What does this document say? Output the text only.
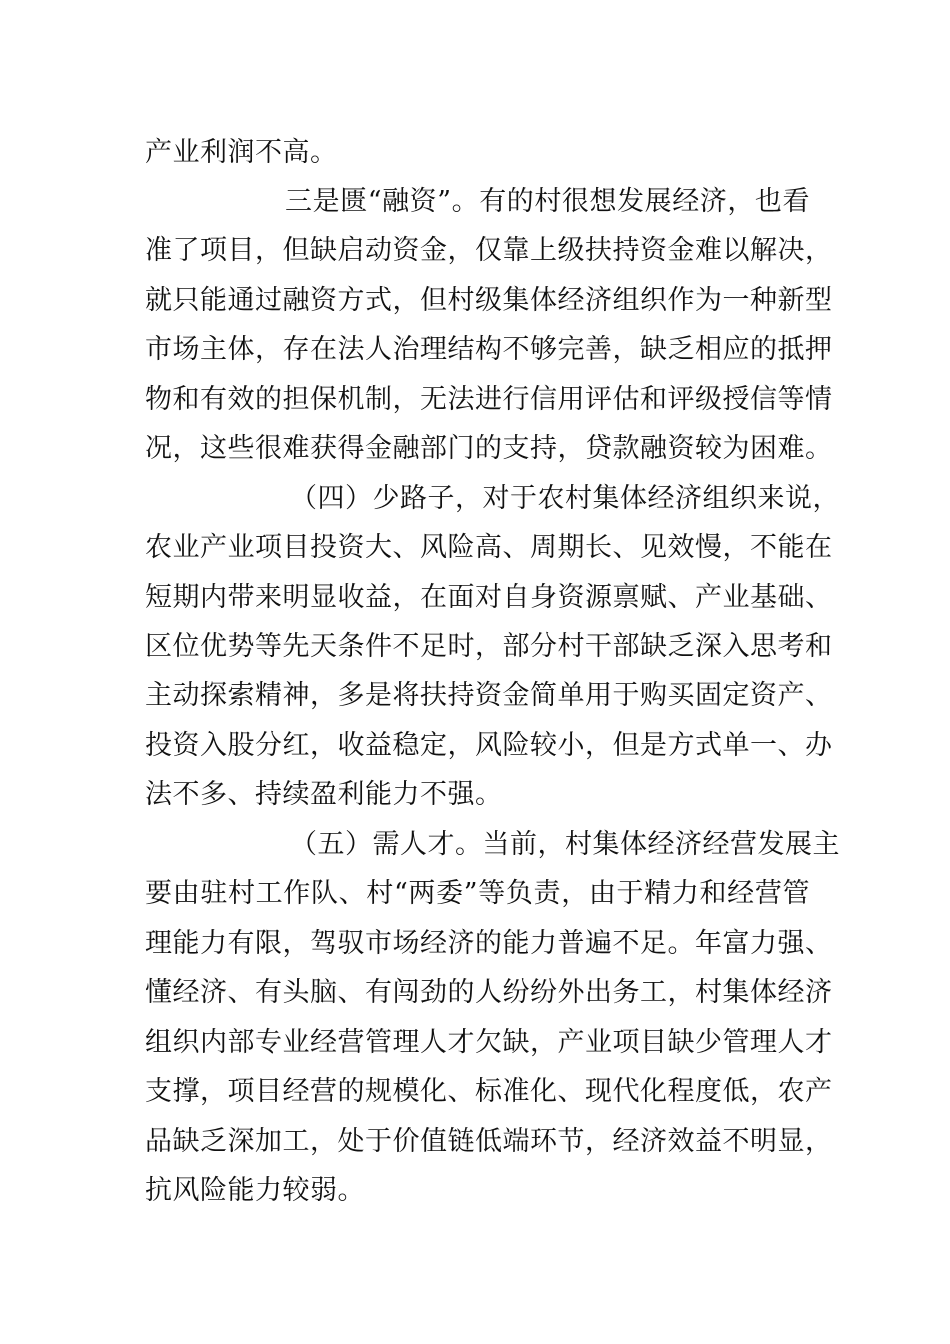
产业利润不高。
三是匮“融资”。有的村很想发展经济，也看
准了项目，但缺启动资金，仅靠上级扶持资金难以解决，
就只能通过融资方式，但村级集体经济组织作为一种新型
市场主体，存在法人治理结构不够完善，缺乏相应的抵押
物和有效的担保机制，无法进行信用评估和评级授信等情
况，这些很难获得金融部门的支持，贷款融资较为困难。
（四）少路子，对于农村集体经济组织来说，
农业产业项目投资大、风险高、周期长、见效慢，不能在
短期内带来明显收益，在面对自身资源禀赋、产业基础、
区位优势等先天条件不足时，部分村干部缺乏深入思考和
主动探索精神，多是将扶持资金简单用于购买固定资产、
投资入股分红，收益稳定，风险较小，但是方式单一、办
法不多、持续盈利能力不强。
（五）需人才。当前，村集体经济经营发展主
要由驻村工作队、村“两委”等负责，由于精力和经营管
理能力有限，驾驭市场经济的能力普遍不足。年富力强、
懂经济、有头脑、有闯劲的人纷纷外出务工，村集体经济
组织内部专业经营管理人才欠缺，产业项目缺少管理人才
支撑，项目经营的规模化、标准化、现代化程度低，农产
品缺乏深加工，处于价值链低端环节，经济效益不明显，
抗风险能力较弱。
